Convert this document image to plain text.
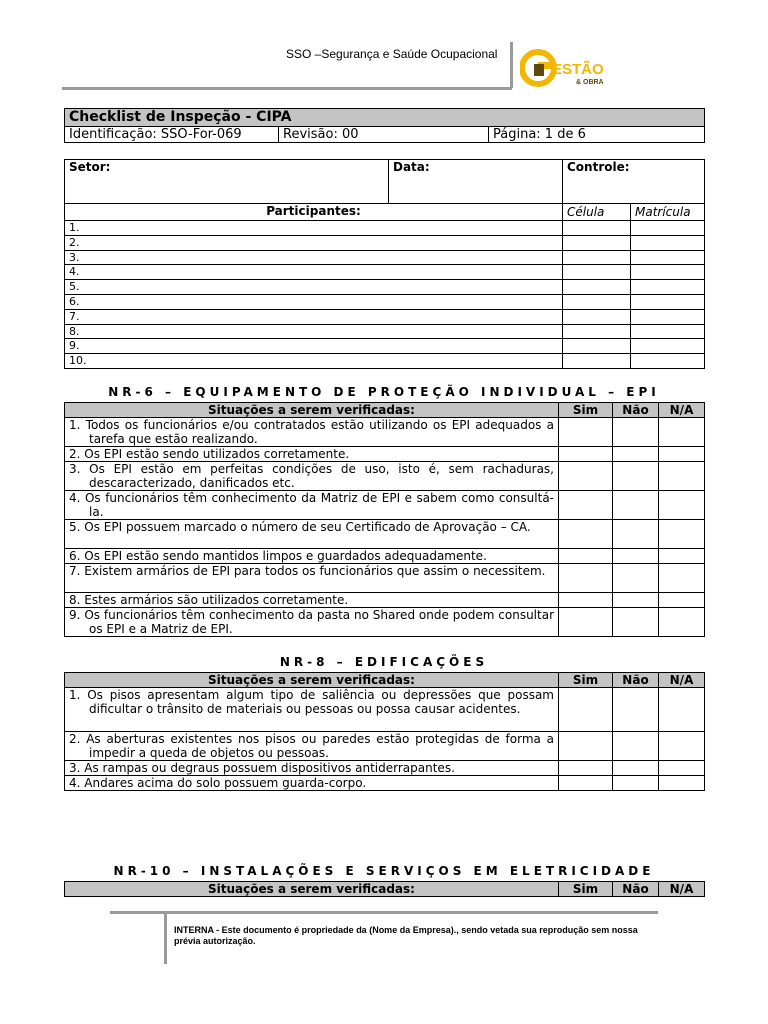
SSO –Segurança e Saúde Ocupacional
ESTÃO
& OBRA
Checklist de Inspeção - CIPA
Identificação: SSO-For-069	Revisão: 00	Página: 1 de 6
Setor:	Data:	Controle:	
Participantes:		Célula	Matrícula
1.			
2.			
3.			
4.			
5.			
6.			
7.			
8.			
9.			
10.			
NR-6 – EQUIPAMENTO DE PROTEÇÃO INDIVIDUAL – EPI
Situações a serem verificadas:	Sim	Não	N/A
1. Todos os funcionários e/ou contratados estão utilizando os EPI adequados a tarefa que estão realizando.			
2. Os EPI estão sendo utilizados corretamente.			
3. Os EPI estão em perfeitas condições de uso, isto é, sem rachaduras, descaracterizado, danificados etc.			
4. Os funcionários têm conhecimento da Matriz de EPI e sabem como consultá-la.			
5. Os EPI possuem marcado o número de seu Certificado de Aprovação – CA.			
6. Os EPI estão sendo mantidos limpos e guardados adequadamente.			
7. Existem armários de EPI para todos os funcionários que assim o necessitem.			
8. Estes armários são utilizados corretamente.			
9. Os funcionários têm conhecimento da pasta no Shared onde podem consultar os EPI e a Matriz de EPI.			
NR-8 – EDIFICAÇÕES
Situações a serem verificadas:	Sim	Não	N/A
1. Os pisos apresentam algum tipo de saliência ou depressões que possam dificultar o trânsito de materiais ou pessoas ou possa causar acidentes.			
2. As aberturas existentes nos pisos ou paredes estão protegidas de forma a impedir a queda de objetos ou pessoas.			
3. As rampas ou degraus possuem dispositivos antiderrapantes.			
4. Andares acima do solo possuem guarda-corpo.			
NR-10 – INSTALAÇÕES E SERVIÇOS EM ELETRICIDADE
Situações a serem verificadas:	Sim	Não	N/A
INTERNA - Este documento é propriedade da (Nome da Empresa)., sendo vetada sua reprodução sem nossa prévia autorização.
